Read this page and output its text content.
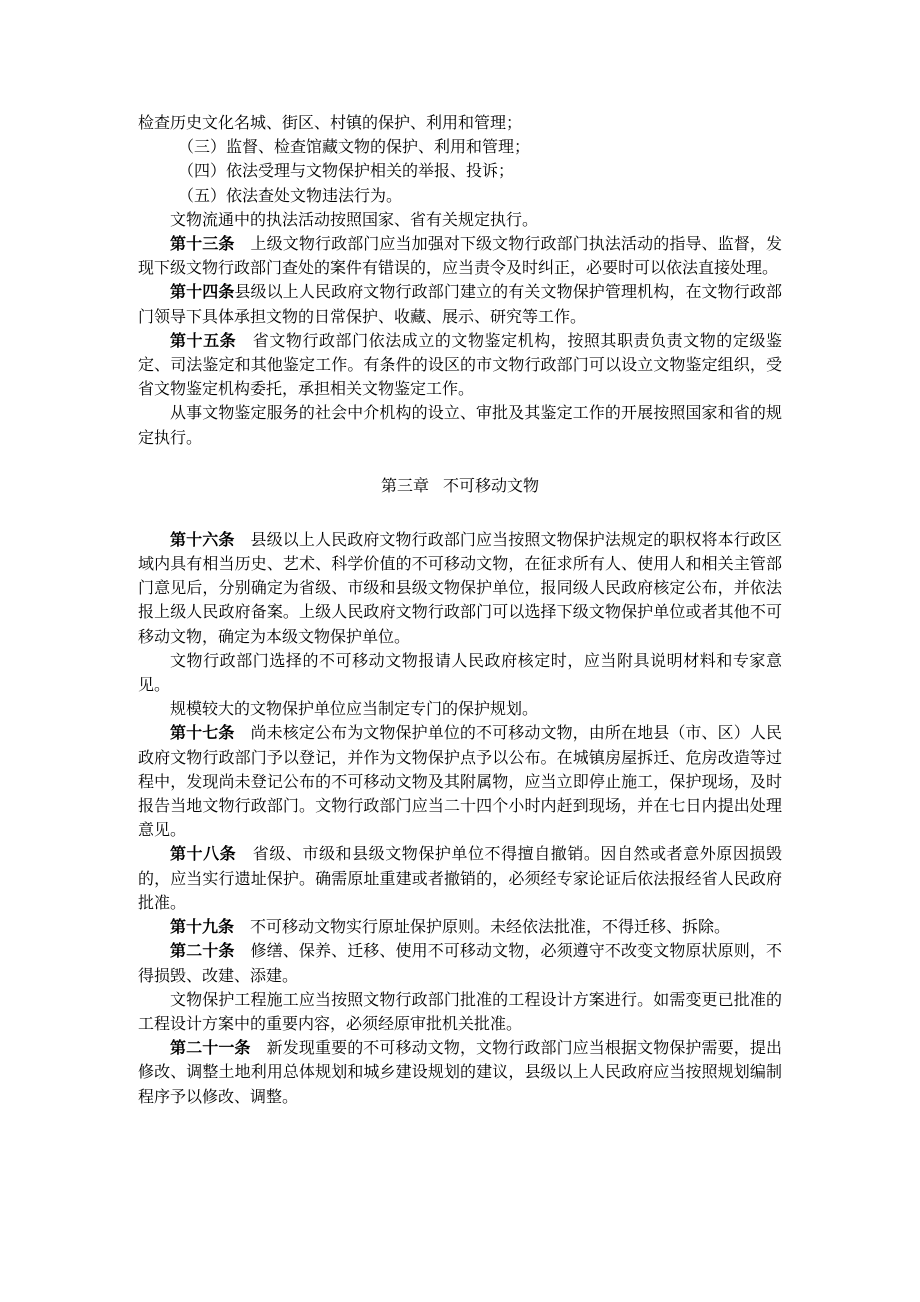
检查历史文化名城、街区、村镇的保护、利用和管理；

（三）监督、检查馆藏文物的保护、利用和管理；

（四）依法受理与文物保护相关的举报、投诉；

（五）依法查处文物违法行为。

文物流通中的执法活动按照国家、省有关规定执行。

第十三条　 上级文物行政部门应当加强对下级文物行政部门执法活动的指导、监督，发现下级文物行政部门查处的案件有错误的，应当责令及时纠正，必要时可以依法直接处理。

第十四条县级以上人民政府文物行政部门建立的有关文物保护管理机构，在文物行政部门领导下具体承担文物的日常保护、收藏、展示、研究等工作。

第十五条　 省文物行政部门依法成立的文物鉴定机构，按照其职责负责文物的定级鉴定、司法鉴定和其他鉴定工作。有条件的设区的市文物行政部门可以设立文物鉴定组织，受省文物鉴定机构委托，承担相关文物鉴定工作。

从事文物鉴定服务的社会中介机构的设立、审批及其鉴定工作的开展按照国家和省的规定执行。

第三章 不可移动文物

第十六条　 县级以上人民政府文物行政部门应当按照文物保护法规定的职权将本行政区域内具有相当历史、艺术、科学价值的不可移动文物，在征求所有人、使用人和相关主管部门意见后，分别确定为省级、市级和县级文物保护单位，报同级人民政府核定公布，并依法报上级人民政府备案。上级人民政府文物行政部门可以选择下级文物保护单位或者其他不可移动文物，确定为本级文物保护单位。

文物行政部门选择的不可移动文物报请人民政府核定时，应当附具说明材料和专家意见。

规模较大的文物保护单位应当制定专门的保护规划。

第十七条　 尚未核定公布为文物保护单位的不可移动文物，由所在地县（市、区）人民政府文物行政部门予以登记，并作为文物保护点予以公布。在城镇房屋拆迁、危房改造等过程中，发现尚未登记公布的不可移动文物及其附属物，应当立即停止施工，保护现场，及时报告当地文物行政部门。文物行政部门应当二十四个小时内赶到现场，并在七日内提出处理意见。

第十八条　 省级、市级和县级文物保护单位不得擅自撤销。因自然或者意外原因损毁的，应当实行遗址保护。确需原址重建或者撤销的，必须经专家论证后依法报经省人民政府批准。

第十九条　 不可移动文物实行原址保护原则。未经依法批准，不得迁移、拆除。

第二十条　 修缮、保养、迁移、使用不可移动文物，必须遵守不改变文物原状原则，不得损毁、改建、添建。

文物保护工程施工应当按照文物行政部门批准的工程设计方案进行。如需变更已批准的工程设计方案中的重要内容，必须经原审批机关批准。

第二十一条　 新发现重要的不可移动文物，文物行政部门应当根据文物保护需要，提出修改、调整土地利用总体规划和城乡建设规划的建议，县级以上人民政府应当按照规划编制程序予以修改、调整。
